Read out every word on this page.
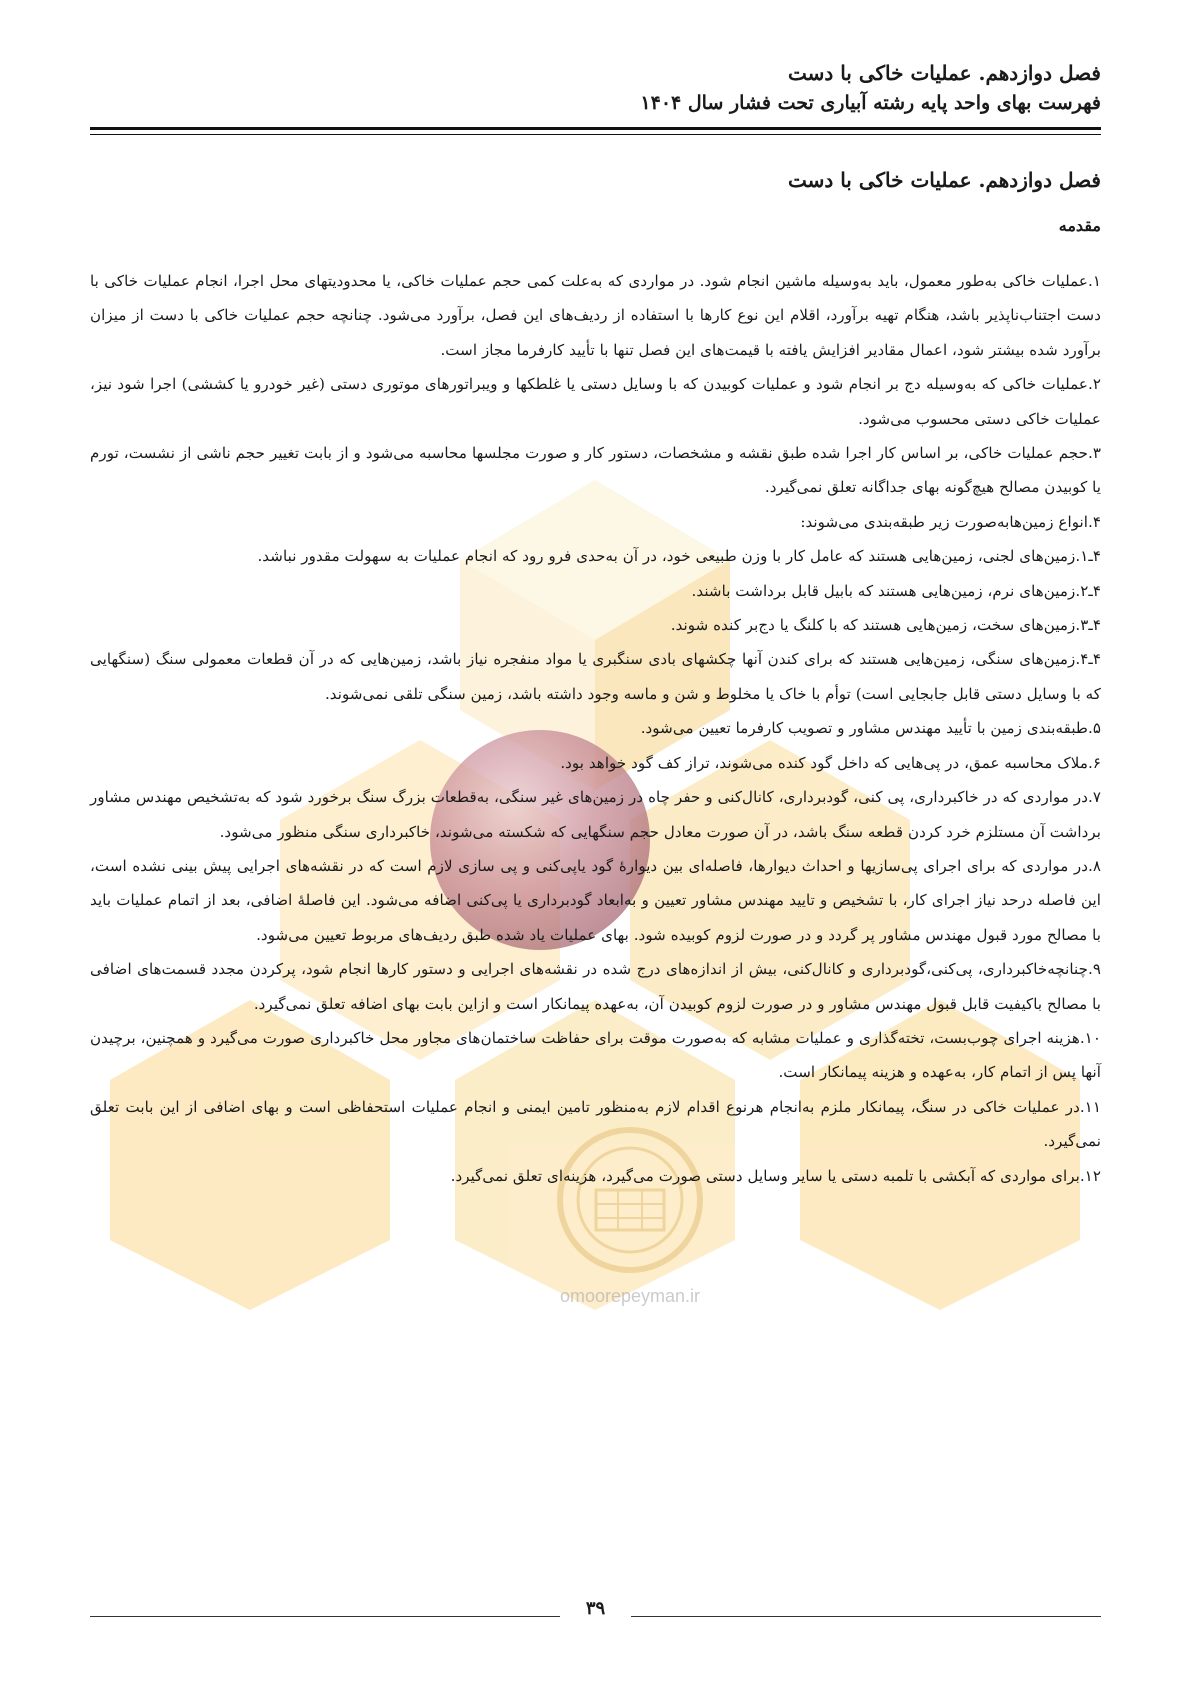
omoorepeyman.ir
فصل دوازدهم. عملیات خاکی با دست
فهرست بهای واحد پایه رشته آبیاری تحت فشار سال ۱۴۰۴
فصل دوازدهم. عملیات خاکی با دست
مقدمه

۱.عملیات خاکی به‌طور معمول، باید به‌وسیله ماشین انجام شود. در مواردی که به‌علت کمی حجم عملیات خاکی، یا محدودیتهای محل اجرا، انجام عملیات خاکی با دست اجتناب‌ناپذیر باشد، هنگام تهیه برآورد، اقلام این نوع کارها با استفاده از ردیف‌های این فصل، برآورد می‌شود. چنانچه حجم عملیات خاکی با دست از میزان برآورد شده بیشتر شود، اعمال مقادیر افزایش یافته با قیمت‌های این فصل تنها با تأیید کارفرما مجاز است.

۲.عملیات خاکی که به‌وسیله دج بر انجام شود و عملیات کوبیدن که با وسایل دستی یا غلطکها و ویبراتورهای موتوری دستی (غیر خودرو یا کششی) اجرا شود نیز، عملیات خاکی دستی محسوب می‌شود.

۳.حجم عملیات خاکی، بر اساس کار اجرا شده طبق نقشه و مشخصات، دستور کار و صورت مجلسها محاسبه می‌شود و از بابت تغییر حجم ناشی از نشست، تورم یا کوبیدن مصالح هیچ‌گونه بهای جداگانه تعلق نمی‌گیرد.

۴.انواع زمین‌هابه‌صورت زیر طبقه‌بندی می‌شوند:

۴ـ۱.زمین‌های لجنی، زمین‌هایی هستند که عامل کار با وزن طبیعی خود، در آن به‌حدی فرو رود که انجام عملیات به سهولت مقدور نباشد.

۴ـ۲.زمین‌های نرم، زمین‌هایی هستند که بابیل قابل برداشت باشند.

۴ـ۳.زمین‌های سخت، زمین‌هایی هستند که با کلنگ یا دج‌بر کنده شوند.

۴ـ۴.زمین‌های سنگی، زمین‌هایی هستند که برای کندن آنها چکشهای بادی سنگبری یا مواد منفجره نیاز باشد، زمین‌هایی که در آن قطعات معمولی سنگ (سنگهایی که با وسایل دستی قابل جابجایی است) توأم با خاک یا مخلوط و شن و ماسه وجود داشته باشد، زمین سنگی تلقی نمی‌شوند.

۵.طبقه‌بندی زمین با تأیید مهندس مشاور و تصویب کارفرما تعیین می‌شود.

۶.ملاک محاسبه عمق، در پی‌هایی که داخل گود کنده می‌شوند، تراز کف گود خواهد بود.

۷.در مواردی که در خاکبرداری، پی کنی، گودبرداری، کانال‌کنی و حفر چاه در زمین‌های غیر سنگی، به‌قطعات بزرگ سنگ برخورد شود که به‌تشخیص مهندس مشاور برداشت آن مستلزم خرد کردن قطعه سنگ باشد، در آن صورت معادل حجم سنگهایی که شکسته می‌شوند، خاکبرداری سنگی منظور می‌شود.

۸.در مواردی که برای اجرای پی‌سازیها و احداث دیوارها، فاصله‌ای بین دیوارهٔ گود یاپی‌کنی و پی سازی لازم است که در نقشه‌های اجرایی پیش بینی نشده است، این فاصله درحد نیاز اجرای کار، با تشخیص و تایید مهندس مشاور تعیین و به‌ابعاد گودبرداری یا پی‌کنی اضافه می‌شود. این فاصلهٔ اضافی، بعد از اتمام عملیات باید با مصالح مورد قبول مهندس مشاور پر گردد و در صورت لزوم کوبیده شود. بهای عملیات یاد شده طبق ردیف‌های مربوط تعیین می‌شود.

۹.چنانچه‌خاکبرداری، پی‌کنی،گودبرداری و کانال‌کنی، بیش از اندازه‌های درج شده در نقشه‌های اجرایی و دستور کارها انجام شود، پرکردن مجدد قسمت‌های اضافی با مصالح باکیفیت قابل قبول مهندس مشاور و در صورت لزوم کوبیدن آن، به‌عهده پیمانکار است و ازاین بابت بهای اضافه تعلق نمی‌گیرد.

۱۰.هزینه اجرای چوب‌بست، تخته‌گذاری و عملیات مشابه که به‌صورت موقت برای حفاظت ساختمان‌های مجاور محل خاکبرداری صورت می‌گیرد و همچنین، برچیدن آنها پس از اتمام کار، به‌عهده و هزینه پیمانکار است.

۱۱.در عملیات خاکی در سنگ، پیمانکار ملزم به‌انجام هرنوع اقدام لازم به‌منظور تامین ایمنی و انجام عملیات استحفاظی است و بهای اضافی از این بابت تعلق نمی‌گیرد.

۱۲.برای مواردی که آبکشی با تلمبه دستی یا سایر وسایل دستی صورت می‌گیرد، هزینه‌ای تعلق نمی‌گیرد.

۳۹
